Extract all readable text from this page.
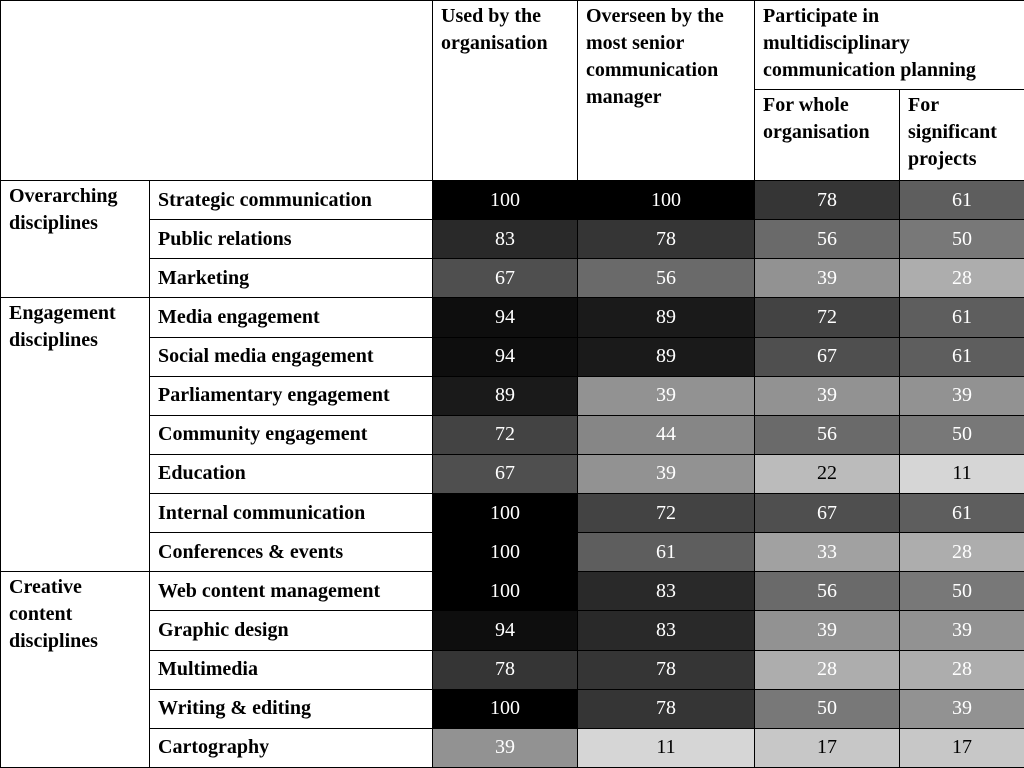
		Used by the organisation	Overseen by the most senior communication manager	Participate in multidisciplinary communication planning	
				For whole organisation	For significant projects
Overarching disciplines	Strategic communication	100	100	78	61
	Public relations	83	78	56	50
	Marketing	67	56	39	28
Engagement disciplines	Media engagement	94	89	72	61
	Social media engagement	94	89	67	61
	Parliamentary engagement	89	39	39	39
	Community engagement	72	44	56	50
	Education	67	39	22	11
	Internal communication	100	72	67	61
	Conferences & events	100	61	33	28
Creative content disciplines	Web content management	100	83	56	50
	Graphic design	94	83	39	39
	Multimedia	78	78	28	28
	Writing & editing	100	78	50	39
	Cartography	39	11	17	17
